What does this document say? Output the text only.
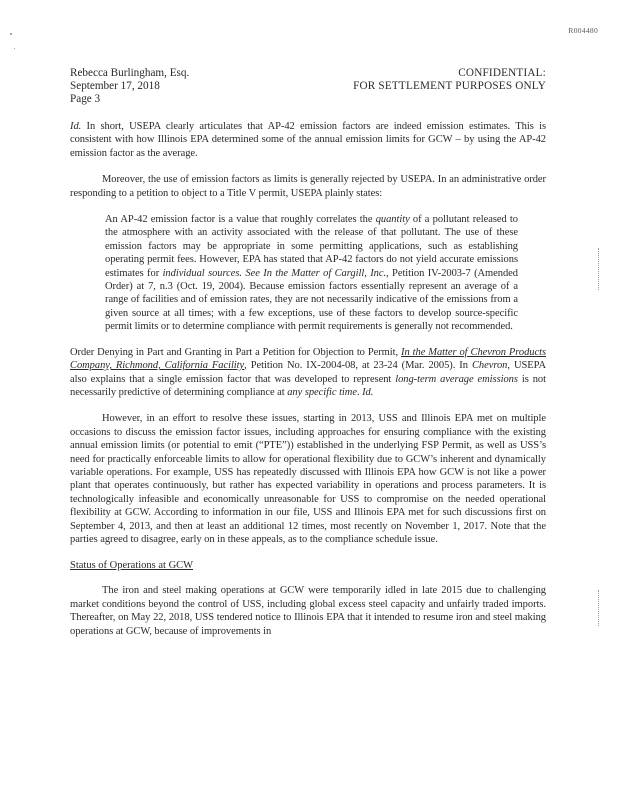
R004480
Rebecca Burlingham, Esq.
September 17, 2018
Page 3
CONFIDENTIAL:
FOR SETTLEMENT PURPOSES ONLY

Id. In short, USEPA clearly articulates that AP-42 emission factors are indeed emission estimates. This is consistent with how Illinois EPA determined some of the annual emission limits for GCW – by using the AP-42 emission factor as the average.

Moreover, the use of emission factors as limits is generally rejected by USEPA. In an administrative order responding to a petition to object to a Title V permit, USEPA plainly states:

An AP-42 emission factor is a value that roughly correlates the quantity of a pollutant released to the atmosphere with an activity associated with the release of that pollutant. The use of these emission factors may be appropriate in some permitting applications, such as establishing operating permit fees. However, EPA has stated that AP-42 factors do not yield accurate emissions estimates for individual sources. See In the Matter of Cargill, Inc., Petition IV-2003-7 (Amended Order) at 7, n.3 (Oct. 19, 2004). Because emission factors essentially represent an average of a range of facilities and of emission rates, they are not necessarily indicative of the emissions from a given source at all times; with a few exceptions, use of these factors to develop source-specific permit limits or to determine compliance with permit requirements is generally not recommended.

Order Denying in Part and Granting in Part a Petition for Objection to Permit, In the Matter of Chevron Products Company, Richmond, California Facility, Petition No. IX-2004-08, at 23-24 (Mar. 2005). In Chevron, USEPA also explains that a single emission factor that was developed to represent long-term average emissions is not necessarily predictive of determining compliance at any specific time. Id.

However, in an effort to resolve these issues, starting in 2013, USS and Illinois EPA met on multiple occasions to discuss the emission factor issues, including approaches for ensuring compliance with the existing annual emission limits (or potential to emit (“PTE”)) established in the underlying FSP Permit, as well as USS’s need for practically enforceable limits to allow for operational flexibility due to GCW’s inherent and dynamically variable operations. For example, USS has repeatedly discussed with Illinois EPA how GCW is not like a power plant that operates continuously, but rather has expected variability in operations and process parameters. It is technologically infeasible and economically unreasonable for USS to compromise on the needed operational flexibility at GCW. According to information in our file, USS and Illinois EPA met for such discussions first on September 4, 2013, and then at least an additional 12 times, most recently on November 1, 2017. Note that the parties agreed to disagree, early on in these appeals, as to the compliance schedule issue.

Status of Operations at GCW

The iron and steel making operations at GCW were temporarily idled in late 2015 due to challenging market conditions beyond the control of USS, including global excess steel capacity and unfairly traded imports. Thereafter, on May 22, 2018, USS tendered notice to Illinois EPA that it intended to resume iron and steel making operations at GCW, because of improvements in
